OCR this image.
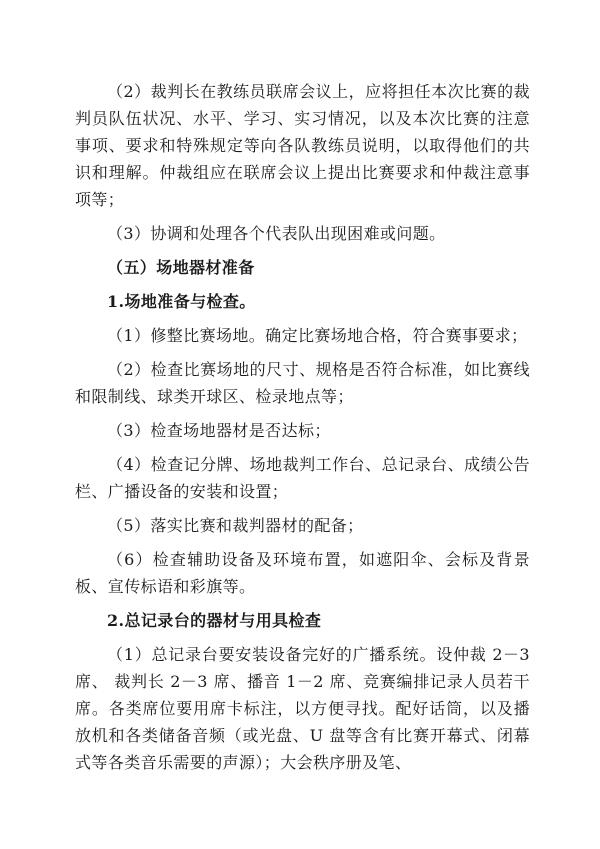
（2）裁判长在教练员联席会议上，应将担任本次比赛的裁判员队伍状况、水平、学习、实习情况，以及本次比赛的注意事项、要求和特殊规定等向各队教练员说明，以取得他们的共识和理解。仲裁组应在联席会议上提出比赛要求和仲裁注意事项等；

（3）协调和处理各个代表队出现困难或问题。

（五）场地器材准备

1.场地准备与检查。

（1）修整比赛场地。确定比赛场地合格，符合赛事要求；

（2）检查比赛场地的尺寸、规格是否符合标准，如比赛线和限制线、球类开球区、检录地点等；

（3）检查场地器材是否达标；

（4）检查记分牌、场地裁判工作台、总记录台、成绩公告栏、广播设备的安装和设置；

（5）落实比赛和裁判器材的配备；

（6）检查辅助设备及环境布置，如遮阳伞、会标及背景板、宣传标语和彩旗等。

2.总记录台的器材与用具检查

（1）总记录台要安装设备完好的广播系统。设仲裁 2－3 席、 裁判长 2－3 席、播音 1－2 席、竞赛编排记录人员若干席。各类席位要用席卡标注，以方便寻找。配好话筒，以及播放机和各类储备音频（或光盘、U 盘等含有比赛开幕式、闭幕式等各类音乐需要的声源）；大会秩序册及笔、
